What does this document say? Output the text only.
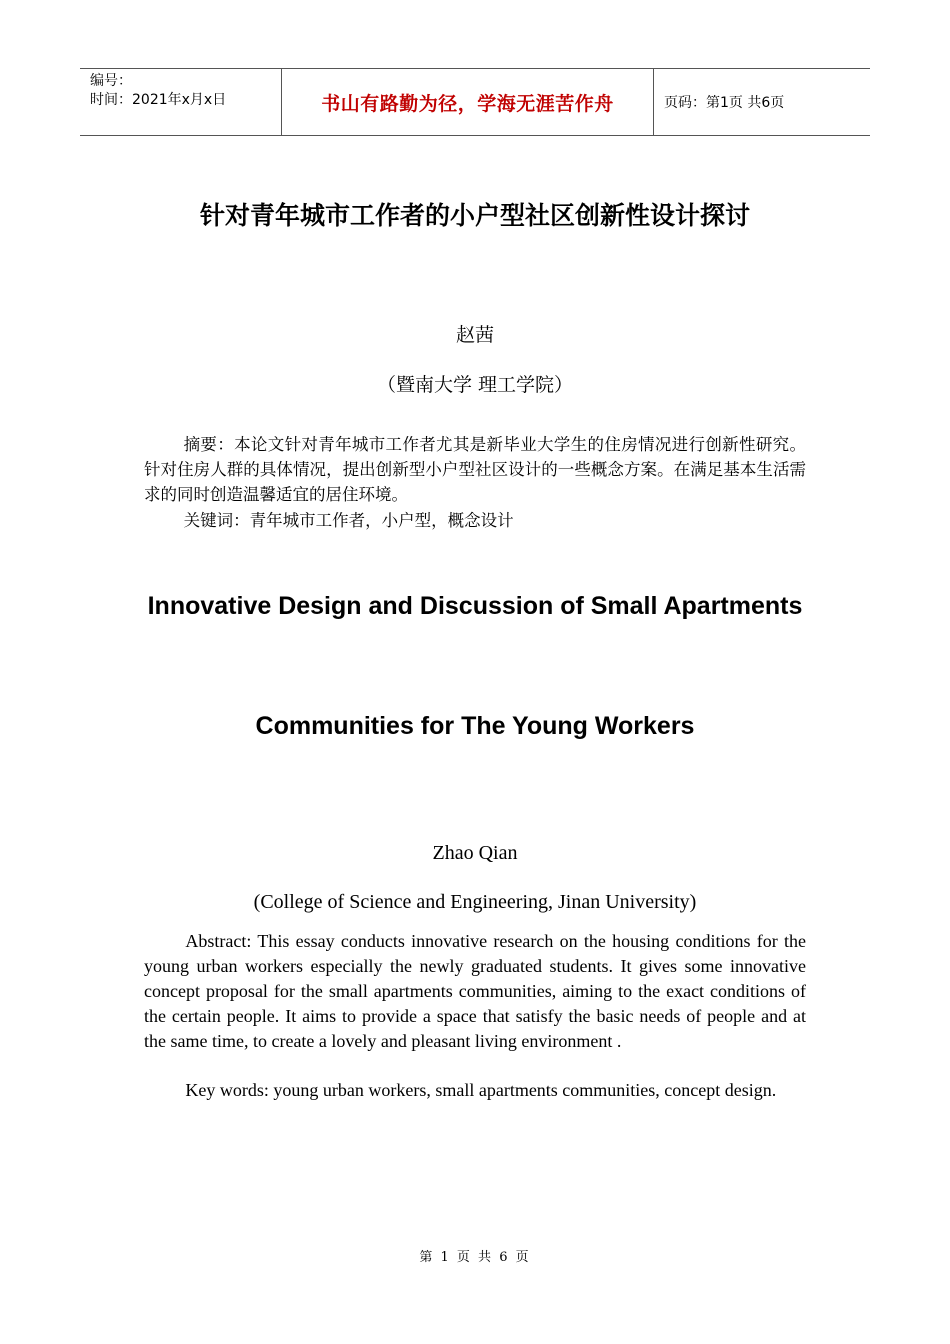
编号：
时间：2021年x月x日	书山有路勤为径，学海无涯苦作舟	页码：第1页 共6页
针对青年城市工作者的小户型社区创新性设计探讨
赵茜
（暨南大学 理工学院）
摘要：本论文针对青年城市工作者尤其是新毕业大学生的住房情况进行创新性研究。针对住房人群的具体情况，提出创新型小户型社区设计的一些概念方案。在满足基本生活需求的同时创造温馨适宜的居住环境。
关键词：青年城市工作者，小户型，概念设计
Innovative Design and Discussion of Small Apartments
Communities for The Young Workers
Zhao Qian
(College of Science and Engineering, Jinan University)
Abstract: This essay conducts innovative research on the housing conditions for the young urban workers especially the newly graduated students. It gives some innovative concept proposal for the small apartments communities, aiming to the exact conditions of the certain people. It aims to provide a space that satisfy the basic needs of people and at the same time, to create a lovely and pleasant living environment .
Key words: young urban workers, small apartments communities, concept design.
第 1 页 共 6 页
